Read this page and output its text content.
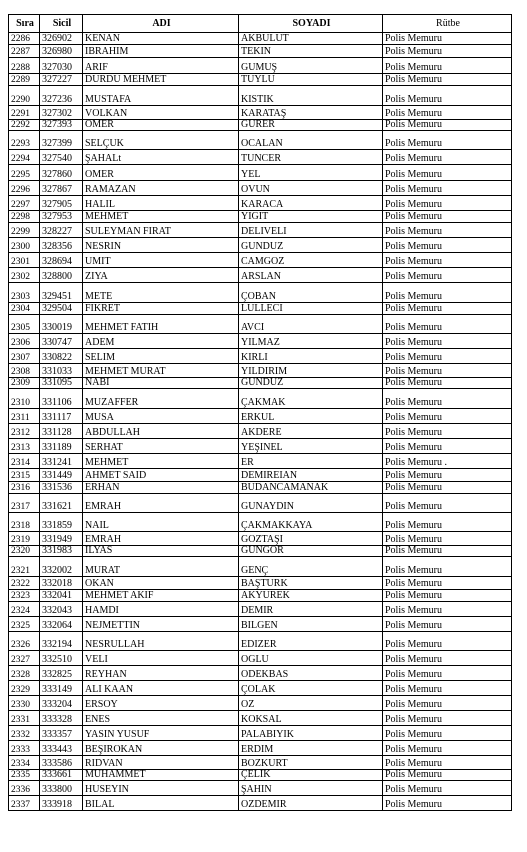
Sıra	Sicil	ADI	SOYADI	Rütbe
2286	326902	KENAN	AKBULUT	Polis Memuru
2287	326980	IBRAHIM	TEKIN	Polis Memuru
2288	327030	ARIF	GUMUŞ	Polis Memuru
2289	327227	DURDU MEHMET	TUYLU	Polis Memuru
2290	327236	MUSTAFA	KISTIK	Polis Memuru
2291	327302	VOLKAN	KARATAŞ	Polis Memuru
2292	327393	OMER	GURER	Polis Memuru
2293	327399	SELÇUK	OCALAN	Polis Memuru
2294	327540	ŞAHALt	TUNCER	Polis Memuru
2295	327860	OMER	YEL	Polis Memuru
2296	327867	RAMAZAN	OVUN	Polis Memuru
2297	327905	HALIL	KARACA	Polis Memuru
2298	327953	MEHMET	YIGIT	Polis Memuru
2299	328227	SULEYMAN FIRAT	DELIVELI	Polis Memuru
2300	328356	NESRIN	GUNDUZ	Polis Memuru
2301	328694	UMIT	CAMGOZ	Polis Memuru
2302	328800	ZIYA	ARSLAN	Polis Memuru
2303	329451	METE	ÇOBAN	Polis Memuru
2304	329504	FIKRET	LULLECI	Polis Memuru
2305	330019	MEHMET FATIH	AVCI	Polis Memuru
2306	330747	ADEM	YILMAZ	Polis Memuru
2307	330822	SELIM	KIRLI	Polis Memuru
2308	331033	MEHMET MURAT	YILDIRIM	Polis Memuru
2309	331095	NABI	GUNDUZ	Polis Memuru
2310	331106	MUZAFFER	ÇAKMAK	Polis Memuru
2311	331117	MUSA	ERKUL	Polis Memuru
2312	331128	ABDULLAH	AKDERE	Polis Memuru
2313	331189	SERHAT	YEŞINEL	Polis Memuru
2314	331241	MEHMET	ER	Polis Memuru .
2315	331449	AHMET SAID	DEMIREIAN	Polis Memuru
2316	331536	ERHAN	BUDANCAMANAK	Polis Memuru
2317	331621	EMRAH	GUNAYDIN	Polis Memuru
2318	331859	NAIL	ÇAKMAKKAYA	Polis Memuru
2319	331949	EMRAH	GOZTAŞI	Polis Memuru
2320	331983	ILYAS	GUNGOR	Polis Memuru
2321	332002	MURAT	GENÇ	Polis Memuru
2322	332018	OKAN	BAŞTURK	Polis Memuru
2323	332041	MEHMET AKIF	AKYUREK	Polis Memuru
2324	332043	HAMDI	DEMIR	Polis Memuru
2325	332064	NEJMETTIN	BILGEN	Polis Memuru
2326	332194	NESRULLAH	EDIZER	Polis Memuru
2327	332510	VELI	OGLU	Polis Memuru
2328	332825	REYHAN	ODEKBAS	Polis Memuru
2329	333149	ALI KAAN	ÇOLAK	Polis Memuru
2330	333204	ERSOY	OZ	Polis Memuru
2331	333328	ENES	KOKSAL	Polis Memuru
2332	333357	YASIN YUSUF	PALABIYIK	Polis Memuru
2333	333443	BEŞIROKAN	ERDIM	Polis Memuru
2334	333586	RIDVAN	BOZKURT	Polis Memuru
2335	333661	MUHAMMET	ÇELIK	Polis Memuru
2336	333800	HUSEYIN	ŞAHIN	Polis Memuru
2337	333918	BILAL	OZDEMIR	Polis Memuru
